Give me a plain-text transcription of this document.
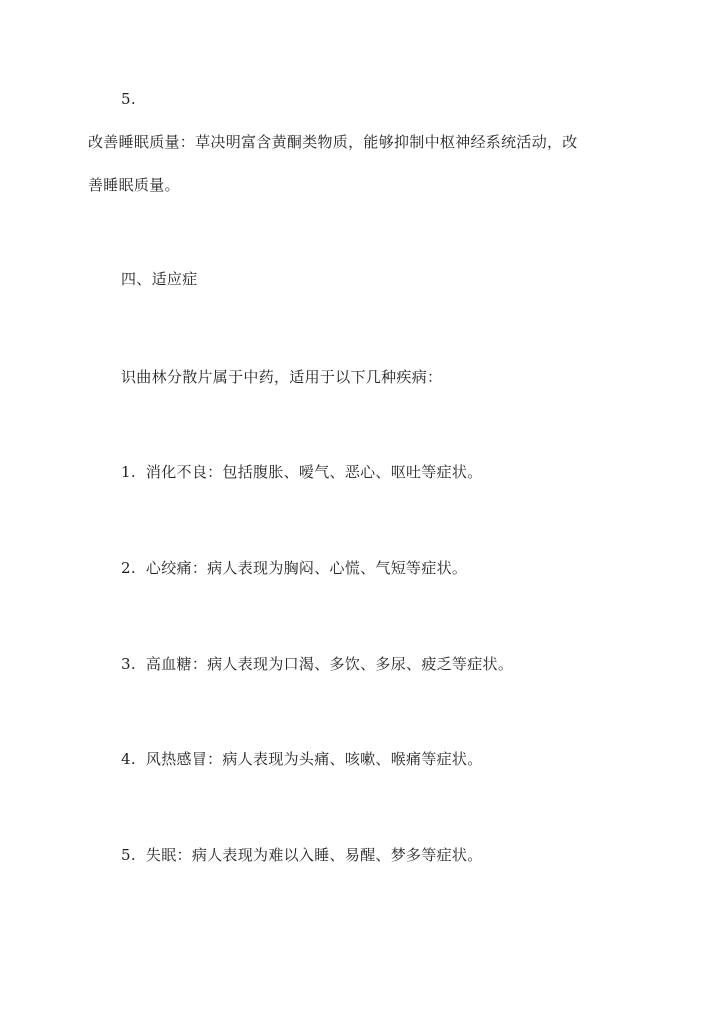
5.
改善睡眠质量：草决明富含黄酮类物质，能够抑制中枢神经系统活动，改
善睡眠质量。
四、适应症
识曲林分散片属于中药，适用于以下几种疾病：
1. 消化不良：包括腹胀、嗳气、恶心、呕吐等症状。
2. 心绞痛：病人表现为胸闷、心慌、气短等症状。
3. 高血糖：病人表现为口渴、多饮、多尿、疲乏等症状。
4. 风热感冒：病人表现为头痛、咳嗽、喉痛等症状。
5. 失眠：病人表现为难以入睡、易醒、梦多等症状。
